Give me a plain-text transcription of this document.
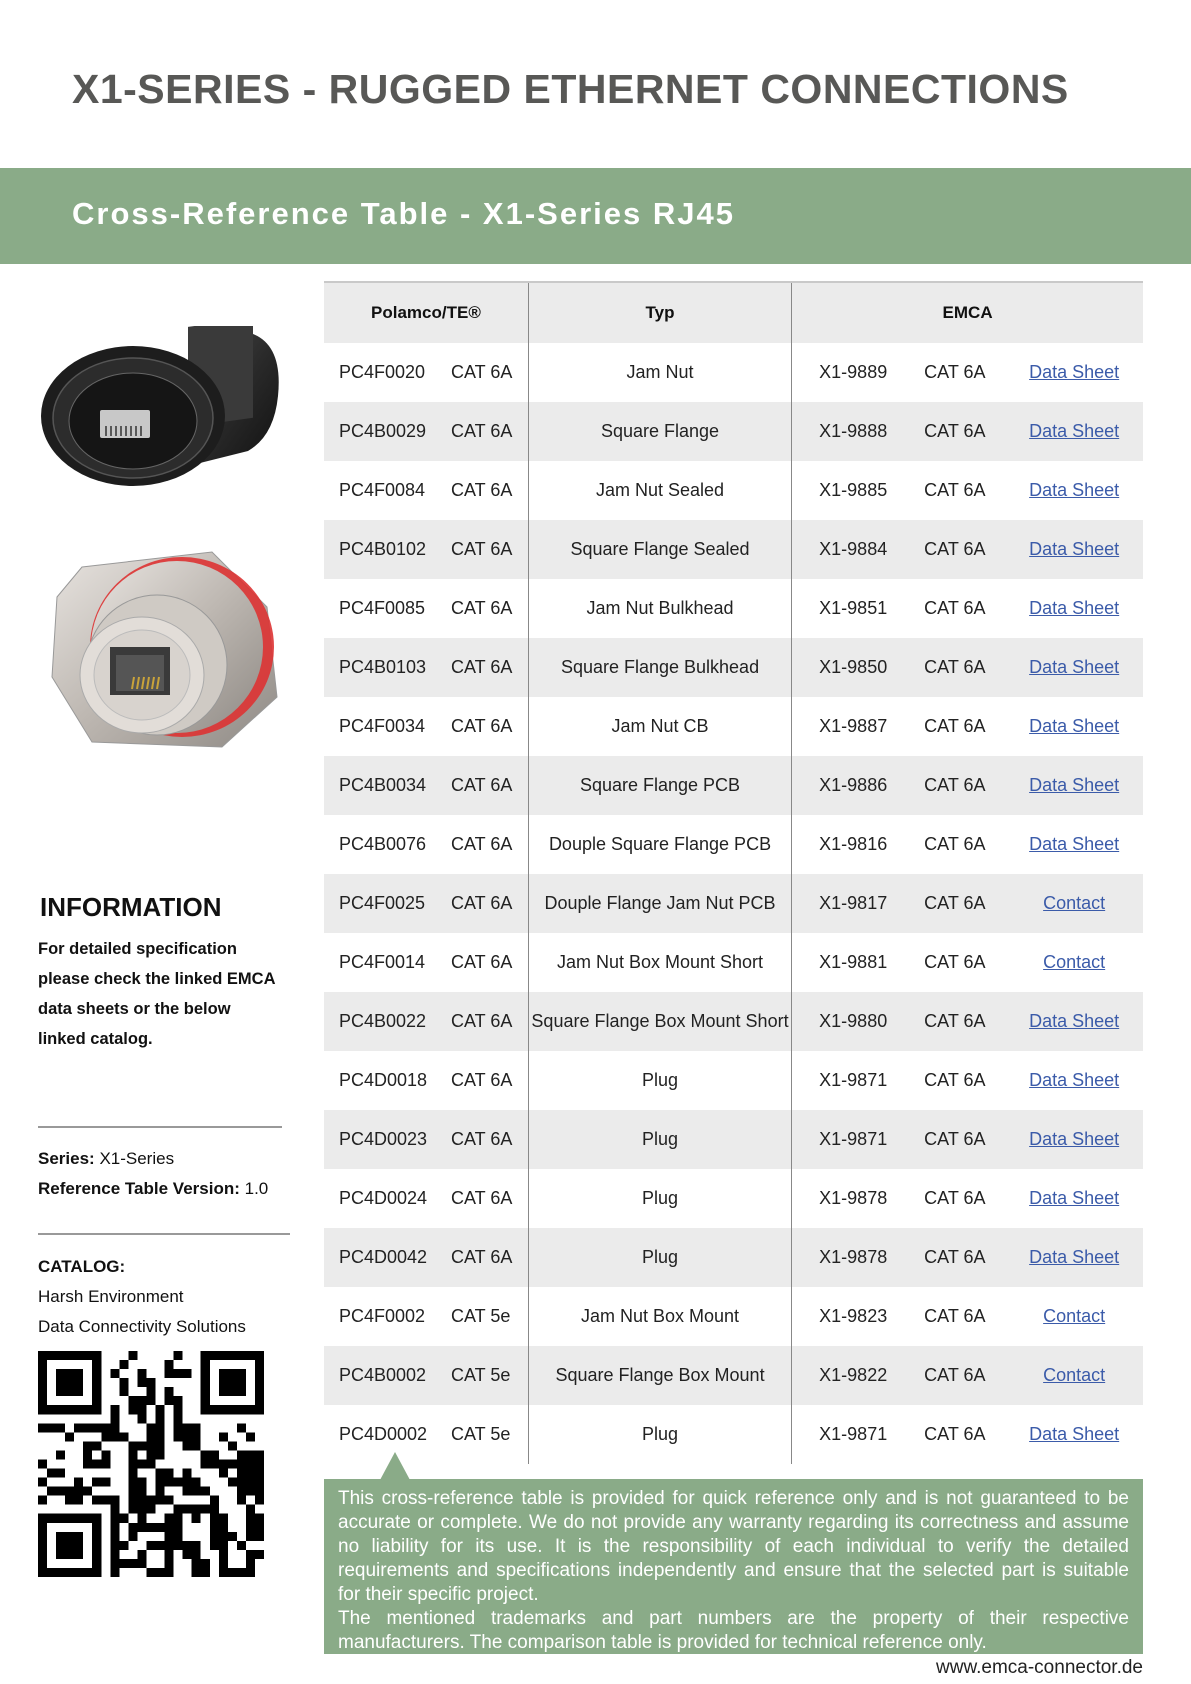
X1-SERIES - RUGGED ETHERNET CONNECTIONS
Cross-Reference Table - X1-Series RJ45
INFORMATION
For detailed specification please check the linked EMCA data sheets or the below linked catalog.
Series: X1-Series
Reference Table Version: 1.0
CATALOG:
Harsh Environment
Data Connectivity Solutions
Polamco/TE®	Typ	EMCA

PC4F0020 CAT 6A	Jam Nut	X1-9889 CAT 6A Data Sheet

PC4B0029 CAT 6A	Square Flange	X1-9888 CAT 6A Data Sheet

PC4F0084 CAT 6A	Jam Nut Sealed	X1-9885 CAT 6A Data Sheet

PC4B0102 CAT 6A	Square Flange Sealed	X1-9884 CAT 6A Data Sheet

PC4F0085 CAT 6A	Jam Nut Bulkhead	X1-9851 CAT 6A Data Sheet

PC4B0103 CAT 6A	Square Flange Bulkhead	X1-9850 CAT 6A Data Sheet

PC4F0034 CAT 6A	Jam Nut CB	X1-9887 CAT 6A Data Sheet

PC4B0034 CAT 6A	Square Flange PCB	X1-9886 CAT 6A Data Sheet

PC4B0076 CAT 6A	Douple Square Flange PCB	X1-9816 CAT 6A Data Sheet

PC4F0025 CAT 6A	Douple Flange Jam Nut PCB	X1-9817 CAT 6A Contact

PC4F0014 CAT 6A	Jam Nut Box Mount Short	X1-9881 CAT 6A Contact

PC4B0022 CAT 6A	Square Flange Box Mount Short	X1-9880 CAT 6A Data Sheet

PC4D0018 CAT 6A	Plug	X1-9871 CAT 6A Data Sheet

PC4D0023 CAT 6A	Plug	X1-9871 CAT 6A Data Sheet

PC4D0024 CAT 6A	Plug	X1-9878 CAT 6A Data Sheet

PC4D0042 CAT 6A	Plug	X1-9878 CAT 6A Data Sheet

PC4F0002 CAT 5e	Jam Nut Box Mount	X1-9823 CAT 6A Contact

PC4B0002 CAT 5e	Square Flange Box Mount	X1-9822 CAT 6A Contact

PC4D0002 CAT 5e	Plug	X1-9871 CAT 6A Data Sheet

This cross-reference table is provided for quick reference only and is not guaranteed to be accurate or complete. We do not provide any warranty regarding its correctness and assume no liability for its use. It is the responsibility of each individual to verify the detailed requirements and specifications independently and ensure that the selected part is suitable for their specific project.

The mentioned trademarks and part numbers are the property of their respective manufacturers. The comparison table is provided for technical reference only.

www.emca-connector.de
